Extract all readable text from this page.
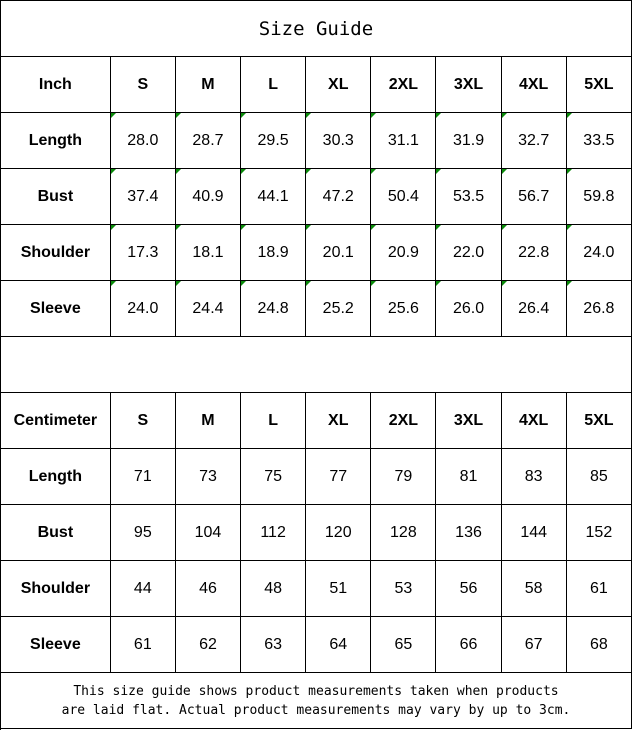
Size Guide
Inch	S	M	L	XL	2XL	3XL	4XL	5XL
Length	28.0	28.7	29.5	30.3	31.1	31.9	32.7	33.5
Bust	37.4	40.9	44.1	47.2	50.4	53.5	56.7	59.8
Shoulder	17.3	18.1	18.9	20.1	20.9	22.0	22.8	24.0
Sleeve	24.0	24.4	24.8	25.2	25.6	26.0	26.4	26.8
Centimeter	S	M	L	XL	2XL	3XL	4XL	5XL
Length	71	73	75	77	79	81	83	85
Bust	95	104	112	120	128	136	144	152
Shoulder	44	46	48	51	53	56	58	61
Sleeve	61	62	63	64	65	66	67	68
This size guide shows product measurements taken when products
are laid flat. Actual product measurements may vary by up to 3cm.
